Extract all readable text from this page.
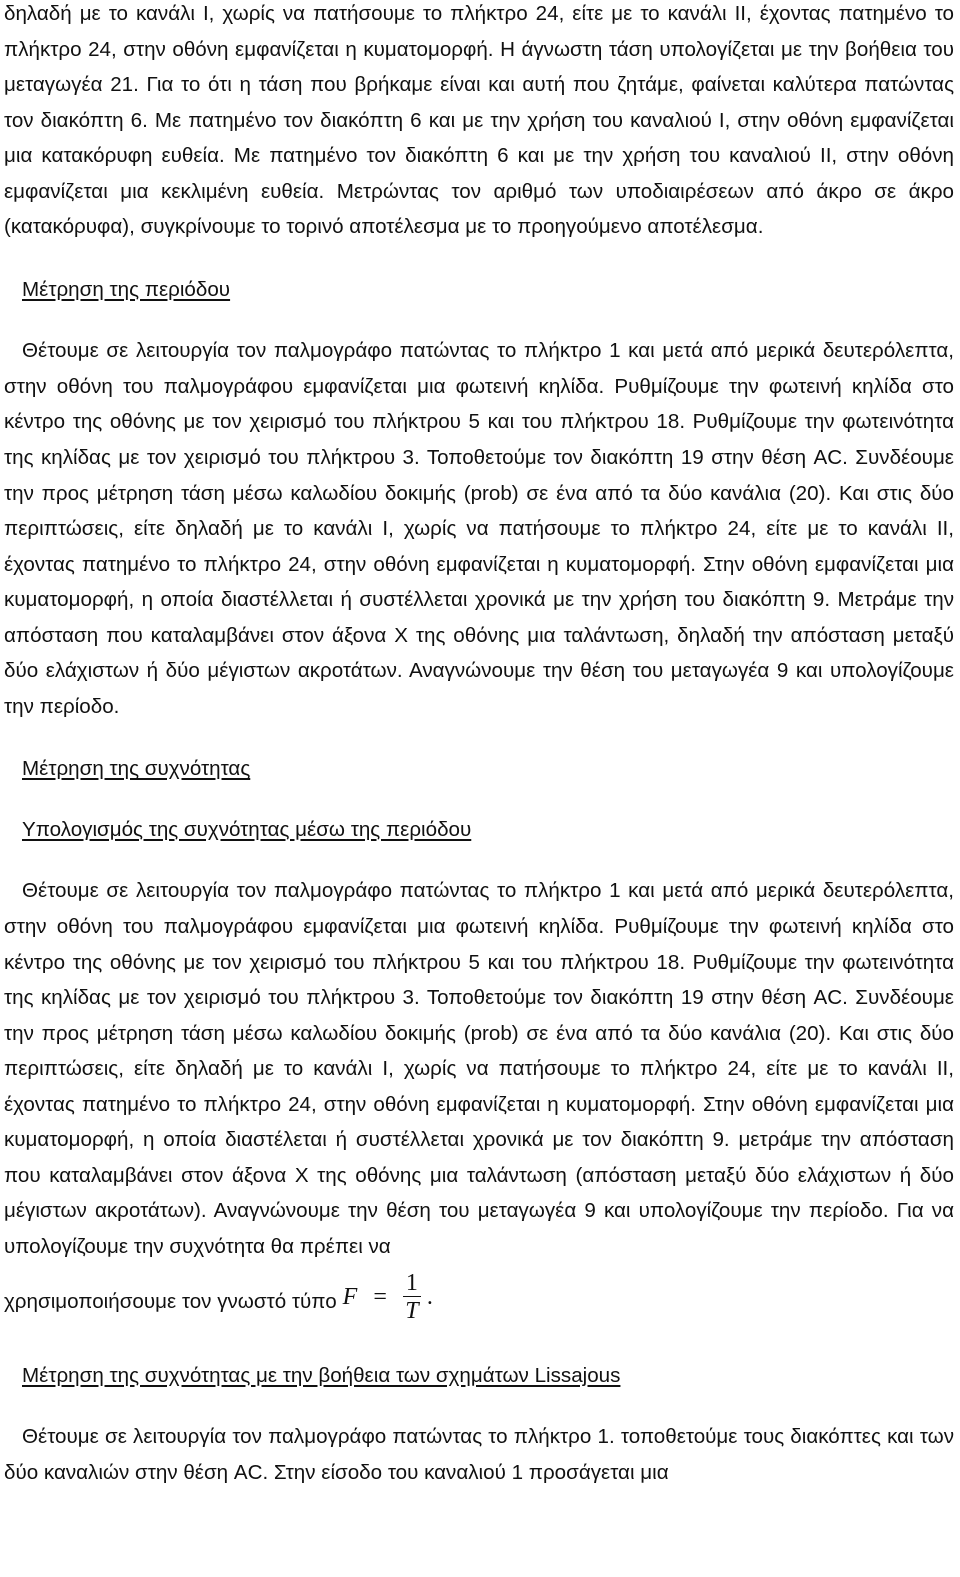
δηλαδή με το κανάλι Ι, χωρίς να πατήσουμε το πλήκτρο 24, είτε με το κανάλι ΙΙ, έχοντας πατημένο το πλήκτρο 24, στην οθόνη εμφανίζεται η κυματομορφή. Η άγνωστη τάση υπολογίζεται με την βοήθεια του μεταγωγέα 21. Για το ότι η τάση που βρήκαμε είναι και αυτή που ζητάμε, φαίνεται καλύτερα πατώντας τον διακόπτη 6. Με πατημένο τον διακόπτη 6 και με την χρήση του καναλιού Ι, στην οθόνη εμφανίζεται μια κατακόρυφη ευθεία. Με πατημένο τον διακόπτη 6 και με την χρήση του καναλιού ΙΙ, στην οθόνη εμφανίζεται μια κεκλιμένη ευθεία. Μετρώντας τον αριθμό των υποδιαιρέσεων από άκρο σε άκρο (κατακόρυφα), συγκρίνουμε το τορινό αποτέλεσμα με το προηγούμενο αποτέλεσμα.

Μέτρηση της περιόδου

Θέτουμε σε λειτουργία τον παλμογράφο πατώντας το πλήκτρο 1 και μετά από μερικά δευτερόλεπτα, στην οθόνη του παλμογράφου εμφανίζεται μια φωτεινή κηλίδα. Ρυθμίζουμε την φωτεινή κηλίδα στο κέντρο της οθόνης με τον χειρισμό του πλήκτρου 5 και του πλήκτρου 18. Ρυθμίζουμε την φωτεινότητα της κηλίδας με τον χειρισμό του πλήκτρου 3. Τοποθετούμε τον διακόπτη 19 στην θέση AC. Συνδέουμε την προς μέτρηση τάση μέσω καλωδίου δοκιμής (prob) σε ένα από τα δύο κανάλια (20). Και στις δύο περιπτώσεις, είτε δηλαδή με το κανάλι Ι, χωρίς να πατήσουμε το πλήκτρο 24, είτε με το κανάλι ΙΙ, έχοντας πατημένο το πλήκτρο 24, στην οθόνη εμφανίζεται η κυματομορφή. Στην οθόνη εμφανίζεται μια κυματομορφή, η οποία διαστέλλεται ή συστέλλεται χρονικά με την χρήση του διακόπτη 9. Μετράμε την απόσταση που καταλαμβάνει στον άξονα Χ της οθόνης μια ταλάντωση, δηλαδή την απόσταση μεταξύ δύο ελάχιστων ή δύο μέγιστων ακροτάτων. Αναγνώνουμε την θέση του μεταγωγέα 9 και υπολογίζουμε την περίοδο.

Μέτρηση της συχνότητας
Υπολογισμός της συχνότητας μέσω της περιόδου

Θέτουμε σε λειτουργία τον παλμογράφο πατώντας το πλήκτρο 1 και μετά από μερικά δευτερόλεπτα, στην οθόνη του παλμογράφου εμφανίζεται μια φωτεινή κηλίδα. Ρυθμίζουμε την φωτεινή κηλίδα στο κέντρο της οθόνης με τον χειρισμό του πλήκτρου 5 και του πλήκτρου 18. Ρυθμίζουμε την φωτεινότητα της κηλίδας με τον χειρισμό του πλήκτρου 3. Τοποθετούμε τον διακόπτη 19 στην θέση AC. Συνδέουμε την προς μέτρηση τάση μέσω καλωδίου δοκιμής (prob) σε ένα από τα δύο κανάλια (20). Και στις δύο περιπτώσεις, είτε δηλαδή με το κανάλι Ι, χωρίς να πατήσουμε το πλήκτρο 24, είτε με το κανάλι ΙΙ, έχοντας πατημένο το πλήκτρο 24, στην οθόνη εμφανίζεται η κυματομορφή. Στην οθόνη εμφανίζεται μια κυματομορφή, η οποία διαστέλεται ή συστέλλεται χρονικά με τον διακόπτη 9. μετράμε την απόσταση που καταλαμβάνει στον άξονα Χ της οθόνης μια ταλάντωση (απόσταση μεταξύ δύο ελάχιστων ή δύο μέγιστων ακροτάτων). Αναγνώνουμε την θέση του μεταγωγέα 9 και υπολογίζουμε την περίοδο. Για να υπολογίζουμε την συχνότητα θα πρέπει να

χρησιμοποιήσουμε τον γνωστό τύπο $F = \frac{1}{T}$ .
Μέτρηση της συχνότητας με την βοήθεια των σχημάτων Lissajous

Θέτουμε σε λειτουργία τον παλμογράφο πατώντας το πλήκτρο 1. τοποθετούμε τους διακόπτες και των δύο καναλιών στην θέση AC. Στην είσοδο του καναλιού 1 προσάγεται μια
